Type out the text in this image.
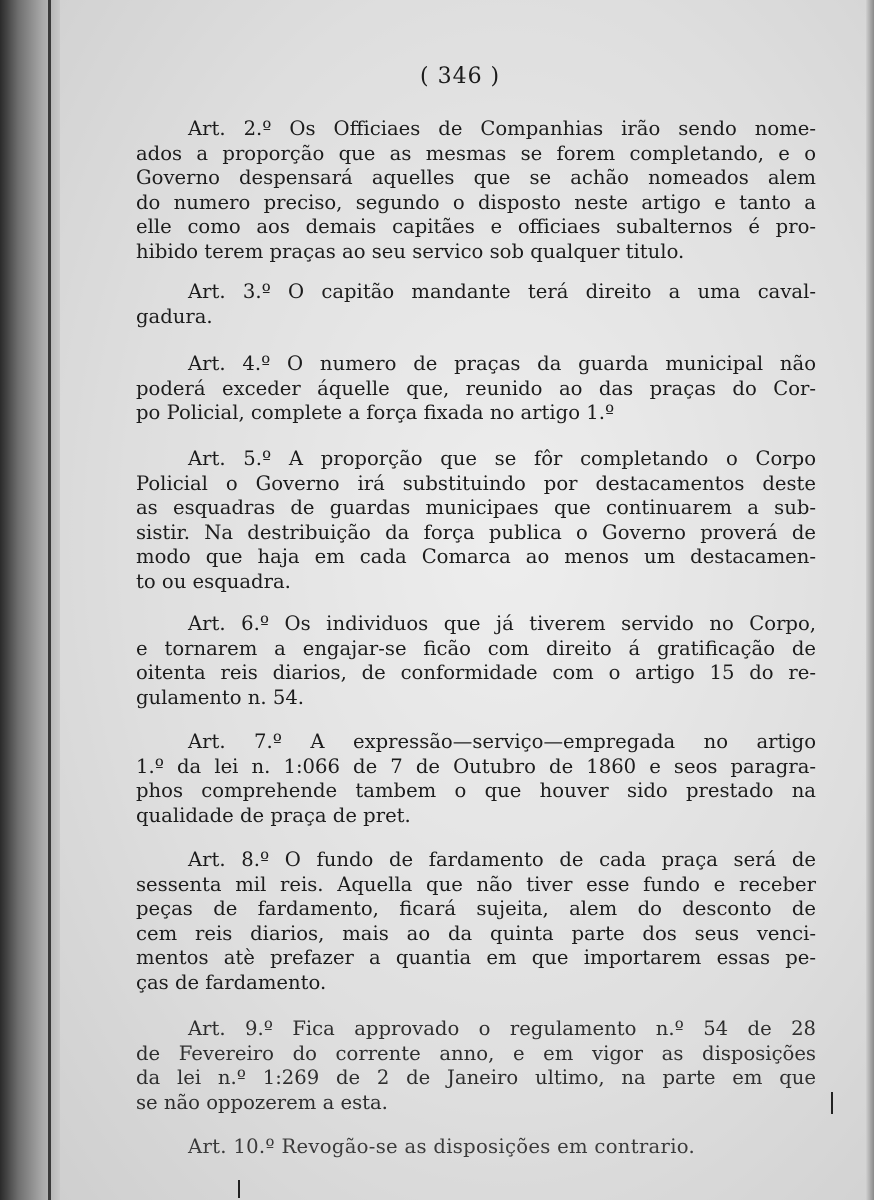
( 346 )
Art. 2.º Os Officiaes de Companhias irão sendo nome-
ados a proporção que as mesmas se forem completando, e o
Governo despensará aquelles que se achão nomeados alem
do numero preciso, segundo o disposto neste artigo e tanto a
elle como aos demais capitães e officiaes subalternos é pro-
hibido terem praças ao seu servico sob qualquer titulo.
Art. 3.º O capitão mandante terá direito a uma caval-
gadura.
Art. 4.º O numero de praças da guarda municipal não
poderá exceder áquelle que, reunido ao das praças do Cor-
po Policial, complete a força fixada no artigo 1.º
Art. 5.º A proporção que se fôr completando o Corpo
Policial o Governo irá substituindo por destacamentos deste
as esquadras de guardas municipaes que continuarem a sub-
sistir. Na destribuição da força publica o Governo proverá de
modo que haja em cada Comarca ao menos um destacamen-
to ou esquadra.
Art. 6.º Os individuos que já tiverem servido no Corpo,
e tornarem a engajar-se ficão com direito á gratificação de
oitenta reis diarios, de conformidade com o artigo 15 do re-
gulamento n. 54.
Art. 7.º A expressão—serviço—empregada no artigo
1.º da lei n. 1:066 de 7 de Outubro de 1860 e seos paragra-
phos comprehende tambem o que houver sido prestado na
qualidade de praça de pret.
Art. 8.º O fundo de fardamento de cada praça será de
sessenta mil reis. Aquella que não tiver esse fundo e receber
peças de fardamento, ficará sujeita, alem do desconto de
cem reis diarios, mais ao da quinta parte dos seus venci-
mentos atè prefazer a quantia em que importarem essas pe-
ças de fardamento.
Art. 9.º Fica approvado o regulamento n.º 54 de 28
de Fevereiro do corrente anno, e em vigor as disposições
da lei n.º 1:269 de 2 de Janeiro ultimo, na parte em que
se não oppozerem a esta.
Art. 10.º Revogão-se as disposições em contrario.
